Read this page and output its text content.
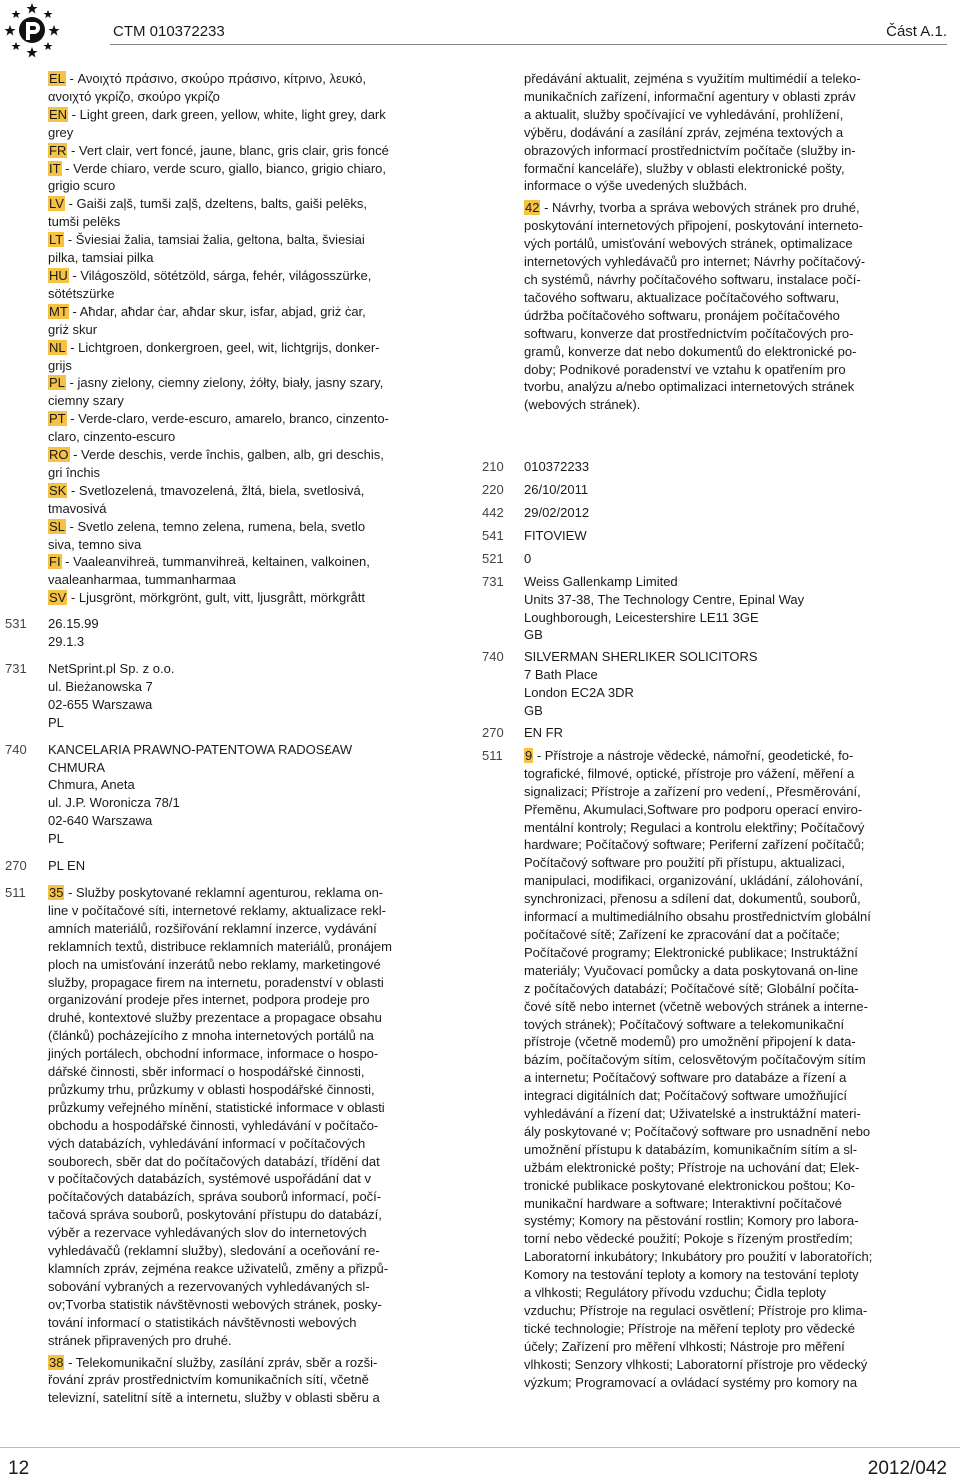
CTM 010372233	Část A.1.
EL - Ανοιχτό πράσινο, σκούρο πράσινο, κίτρινο, λευκό,
ανοιχτό γκρίζο, σκούρο γκρίζο
EN - Light green, dark green, yellow, white, light grey, dark
grey
FR - Vert clair, vert foncé, jaune, blanc, gris clair, gris foncé
IT - Verde chiaro, verde scuro, giallo, bianco, grigio chiaro,
grigio scuro
LV - Gaiši zaļš, tumši zaļš, dzeltens, balts, gaiši pelēks,
tumši pelēks
LT - Šviesiai žalia, tamsiai žalia, geltona, balta, šviesiai
pilka, tamsiai pilka
HU - Világoszöld, sötétzöld, sárga, fehér, világosszürke,
sötétszürke
MT - Aħdar, aħdar ċar, aħdar skur, isfar, abjad, griż ċar,
griż skur
NL - Lichtgroen, donkergroen, geel, wit, lichtgrijs, donker-
grijs
PL - jasny zielony, ciemny zielony, żółty, biały, jasny szary,
ciemny szary
PT - Verde-claro, verde-escuro, amarelo, branco, cinzento-
claro, cinzento-escuro
RO - Verde deschis, verde închis, galben, alb, gri deschis,
gri închis
SK - Svetlozelená, tmavozelená, žltá, biela, svetlosivá,
tmavosivá
SL - Svetlo zelena, temno zelena, rumena, bela, svetlo
siva, temno siva
FI - Vaaleanvihreä, tummanvihreä, keltainen, valkoinen,
vaaleanharmaa, tummanharmaa
SV - Ljusgrönt, mörkgrönt, gult, vitt, ljusgrått, mörkgrått
531 26.15.99
29.1.3
731 NetSprint.pl Sp. z o.o.
ul. Bieżanowska 7
02-655 Warszawa
PL
740 KANCELARIA PRAWNO-PATENTOWA RADOS£AW
CHMURA
Chmura, Aneta
ul. J.P. Woronicza 78/1
02-640 Warszawa
PL
270 PL EN
511 35 - Služby poskytované reklamní agenturou, reklama on-
line v počítačové síti, internetové reklamy, aktualizace rekl-
amních materiálů, rozšiřování reklamní inzerce, vydávání
reklamních textů, distribuce reklamních materiálů, pronájem
ploch na umisťování inzerátů nebo reklamy, marketingové
služby, propagace firem na internetu, poradenství v oblasti
organizování prodeje přes internet, podpora prodeje pro
druhé, kontextové služby prezentace a propagace obsahu
(článků) pocházejícího z mnoha internetových portálů na
jiných portálech, obchodní informace, informace o hospo-
dářské činnosti, sběr informací o hospodářské činnosti,
průzkumy trhu, průzkumy v oblasti hospodářské činnosti,
průzkumy veřejného mínění, statistické informace v oblasti
obchodu a hospodářské činnosti, vyhledávání v počítačo-
vých databázích, vyhledávání informací v počítačových
souborech, sběr dat do počítačových databází, třídění dat
v počítačových databázích, systémové uspořádání dat v
počítačových databázích, správa souborů informací, počí-
tačová správa souborů, poskytování přístupu do databází,
výběr a rezervace vyhledávaných slov do internetových
vyhledávačů (reklamní služby), sledování a oceňování re-
klamních zpráv, zejména reakce uživatelů, změny a přizpů-
sobování vybraných a rezervovaných vyhledávaných sl-
ov;Tvorba statistik návštěvnosti webových stránek, posky-
tování informací o statistikách návštěvnosti webových
stránek připravených pro druhé.
38 - Telekomunikační služby, zasílání zpráv, sběr a rozši-
řování zpráv prostřednictvím komunikačních sítí, včetně
televizní, satelitní sítě a internetu, služby v oblasti sběru a
předávání aktualit, zejména s využitím multimédií a teleko-
munikačních zařízení, informační agentury v oblasti zpráv
a aktualit, služby spočívající ve vyhledávání, prohlížení,
výběru, dodávání a zasílání zpráv, zejména textových a
obrazových informací prostřednictvím počítače (služby in-
formační kanceláře), služby v oblasti elektronické pošty,
informace o výše uvedených službách.
42 - Návrhy, tvorba a správa webových stránek pro druhé,
poskytování internetových připojení, poskytování interneto-
vých portálů, umisťování webových stránek, optimalizace
internetových vyhledávačů pro internet; Návrhy počítačový-
ch systémů, návrhy počítačového softwaru, instalace počí-
tačového softwaru, aktualizace počítačového softwaru,
údržba počítačového softwaru, pronájem počítačového
softwaru, konverze dat prostřednictvím počítačových pro-
gramů, konverze dat nebo dokumentů do elektronické po-
doby; Podnikové poradenství ve vztahu k opatřením pro
tvorbu, analýzu a/nebo optimalizaci internetových stránek
(webových stránek).
210 010372233
220 26/10/2011
442 29/02/2012
541 FITOVIEW
521 0
731 Weiss Gallenkamp Limited
Units 37-38, The Technology Centre, Epinal Way
Loughborough, Leicestershire LE11 3GE
GB
740 SILVERMAN SHERLIKER SOLICITORS
7 Bath Place
London EC2A 3DR
GB
270 EN FR
511 9 - Přístroje a nástroje vědecké, námořní, geodetické, fo-
tografické, filmové, optické, přístroje pro vážení, měření a
signalizaci; Přístroje a zařízení pro vedení,, Přesměrování,
Přeměnu, Akumulaci,Software pro podporu operací enviro-
mentální kontroly; Regulaci a kontrolu elektřiny; Počítačový
hardware; Počítačový software; Periferní zařízení počítačů;
Počítačový software pro použití při přístupu, aktualizaci,
manipulaci, modifikaci, organizování, ukládání, zálohování,
synchronizaci, přenosu a sdílení dat, dokumentů, souborů,
informací a multimediálního obsahu prostřednictvím globální
počítačové sítě; Zařízení ke zpracování dat a počítače;
Počítačové programy; Elektronické publikace; Instruktážní
materiály; Vyučovací pomůcky a data poskytovaná on-line
z počítačových databází; Počítačové sítě; Globální počíta-
čové sítě nebo internet (včetně webových stránek a interne-
tových stránek); Počítačový software a telekomunikační
přístroje (včetně modemů) pro umožnění připojení k data-
bázím, počítačovým sítím, celosvětovým počítačovým sítím
a internetu; Počítačový software pro databáze a řízení a
integraci digitálních dat; Počítačový software umožňující
vyhledávání a řízení dat; Uživatelské a instruktážní materi-
ály poskytované v; Počítačový software pro usnadnění nebo
umožnění přístupu k databázím, komunikačním sítím a sl-
užbám elektronické pošty; Přístroje na uchování dat; Elek-
tronické publikace poskytované elektronickou poštou; Ko-
munikační hardware a software; Interaktivní počítačové
systémy; Komory na pěstování rostlin; Komory pro labora-
torní nebo vědecké použití; Pokoje s řízeným prostředím;
Laboratorní inkubátory; Inkubátory pro použití v laboratořích;
Komory na testování teploty a komory na testování teploty
a vlhkosti; Regulátory přívodu vzduchu; Čidla teploty
vzduchu; Přístroje na regulaci osvětlení; Přístroje pro klima-
tické technologie; Přístroje na měření teploty pro vědecké
účely; Zařízení pro měření vlhkosti; Nástroje pro měření
vlhkosti; Senzory vlhkosti; Laboratorní přístroje pro vědecký
výzkum; Programovací a ovládací systémy pro komory na
12	2012/042
